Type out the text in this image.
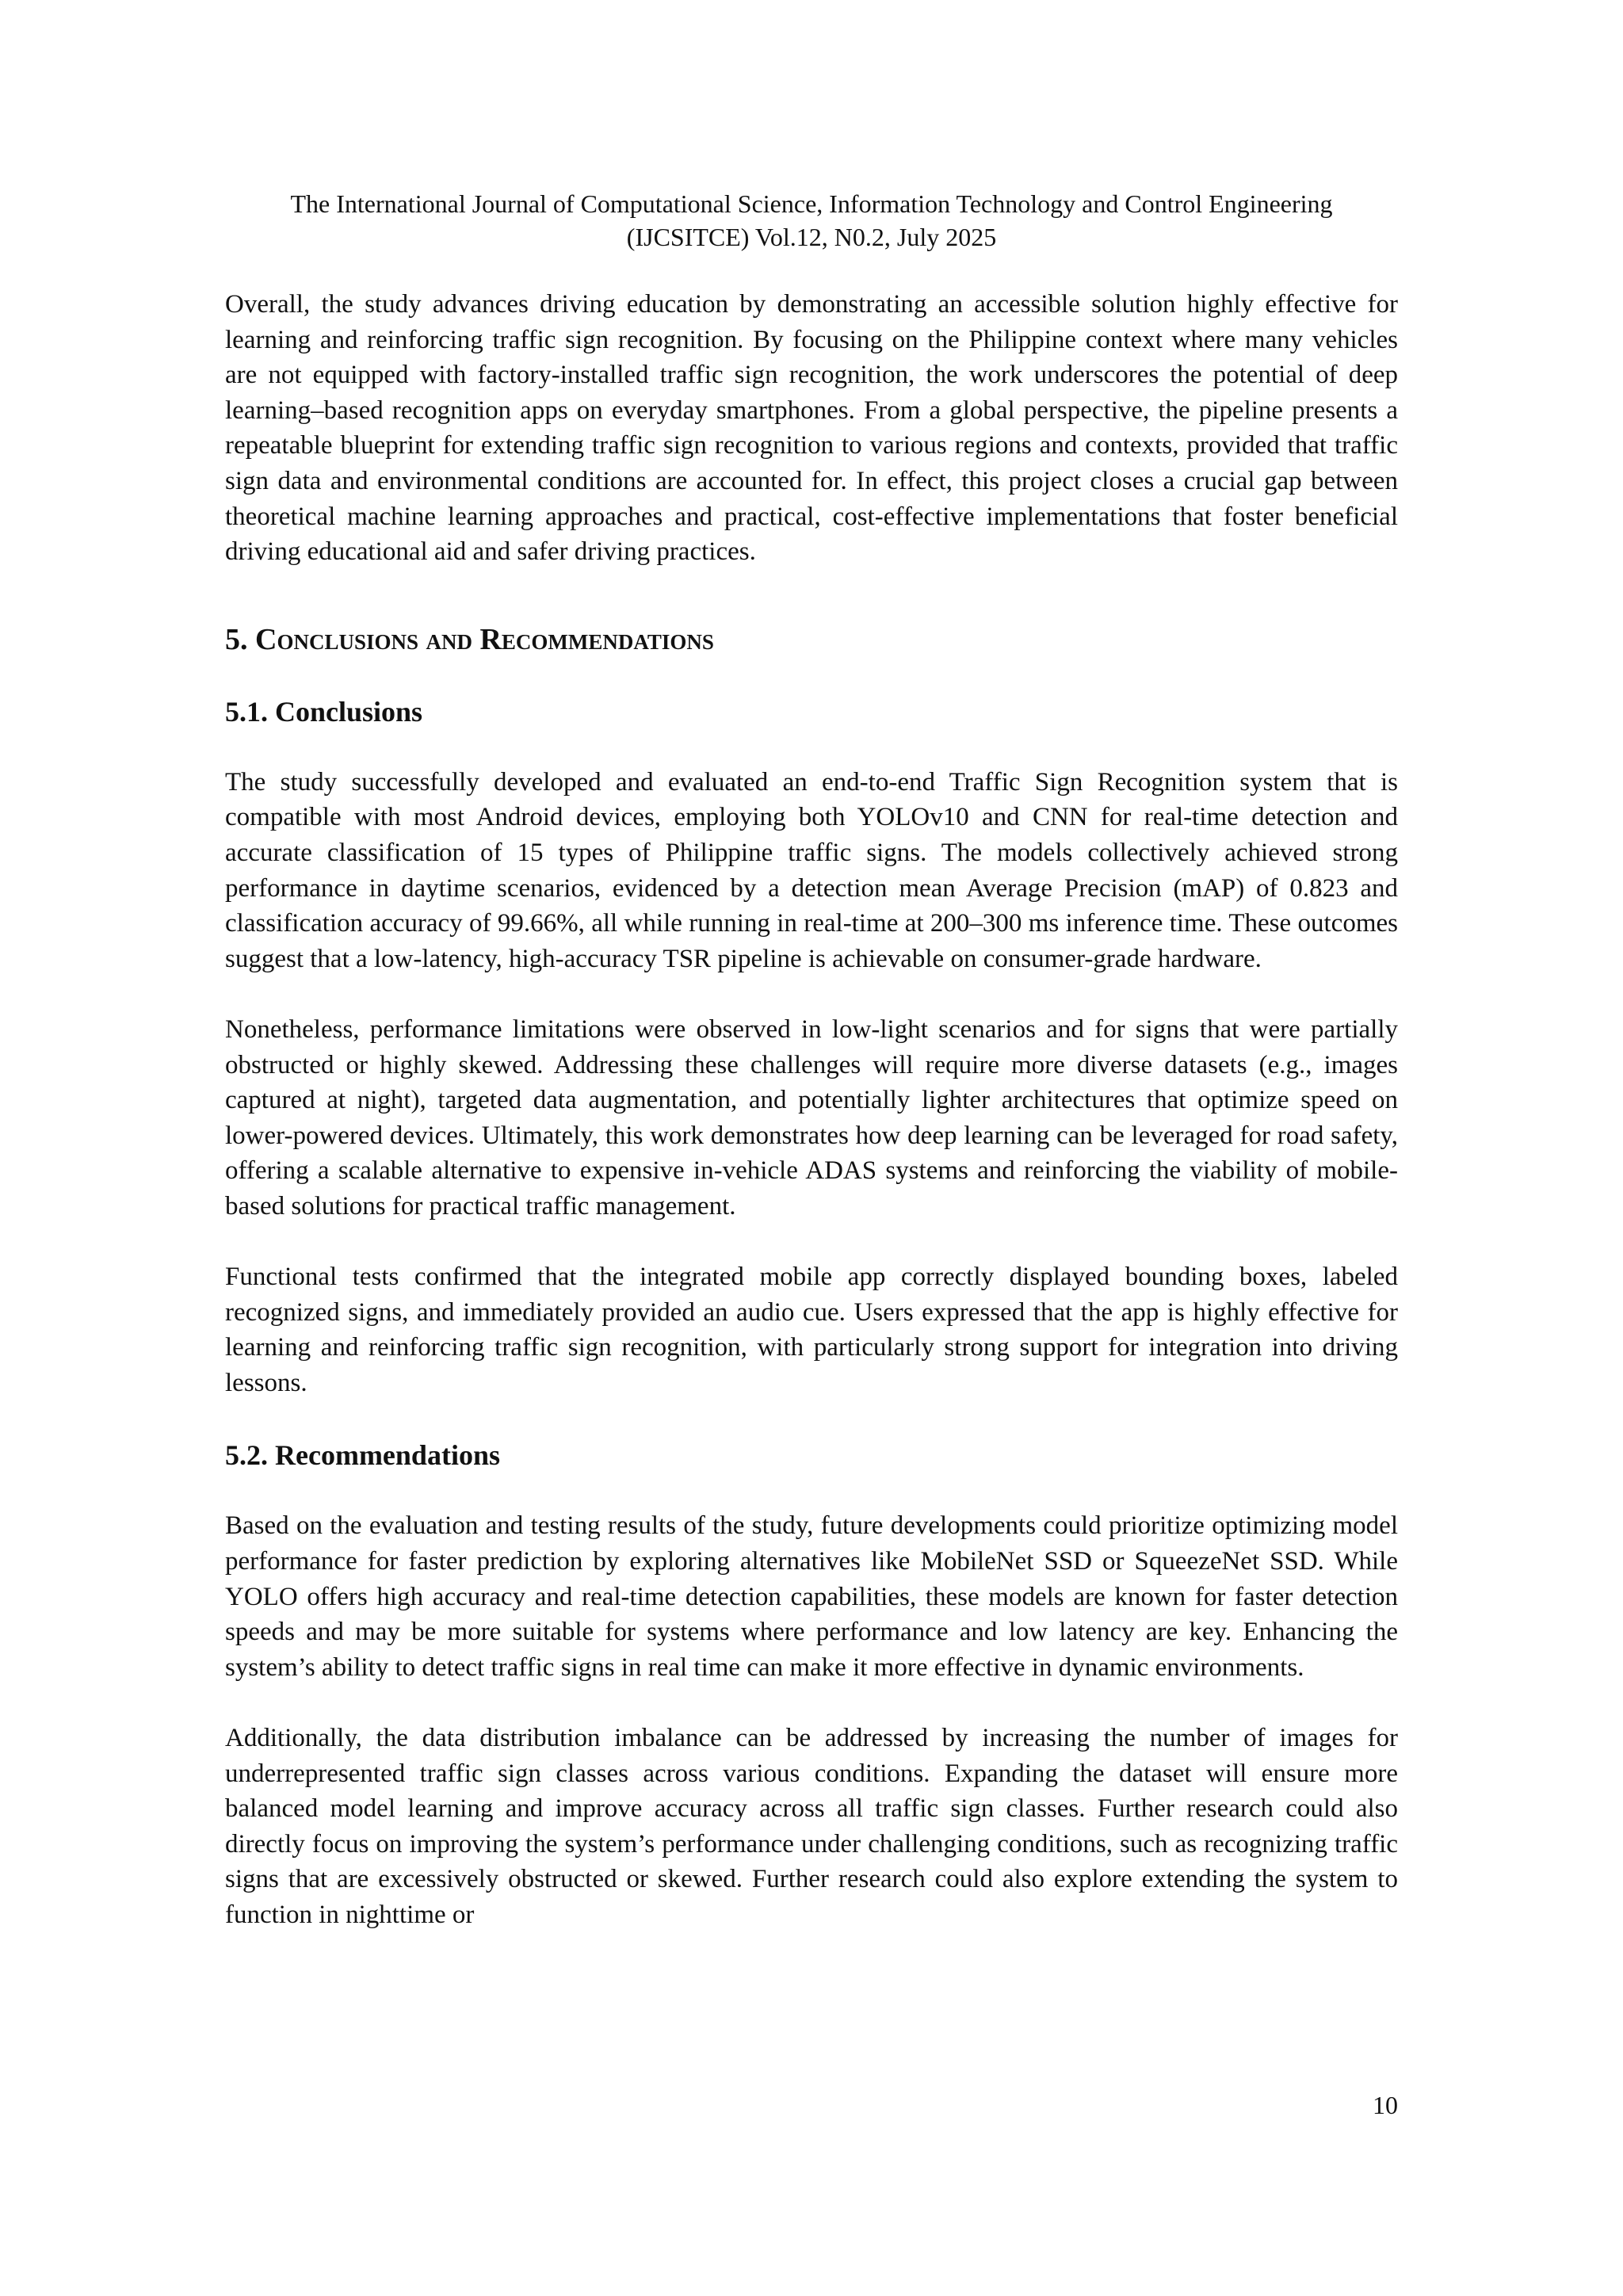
The International Journal of Computational Science, Information Technology and Control Engineering
(IJCSITCE) Vol.12, N0.2, July 2025

Overall, the study advances driving education by demonstrating an accessible solution highly effective for learning and reinforcing traffic sign recognition. By focusing on the Philippine context where many vehicles are not equipped with factory-installed traffic sign recognition, the work underscores the potential of deep learning–based recognition apps on everyday smartphones. From a global perspective, the pipeline presents a repeatable blueprint for extending traffic sign recognition to various regions and contexts, provided that traffic sign data and environmental conditions are accounted for. In effect, this project closes a crucial gap between theoretical machine learning approaches and practical, cost-effective implementations that foster beneficial driving educational aid and safer driving practices.

5. Conclusions and Recommendations
5.1. Conclusions

The study successfully developed and evaluated an end-to-end Traffic Sign Recognition system that is compatible with most Android devices, employing both YOLOv10 and CNN for real-time detection and accurate classification of 15 types of Philippine traffic signs. The models collectively achieved strong performance in daytime scenarios, evidenced by a detection mean Average Precision (mAP) of 0.823 and classification accuracy of 99.66%, all while running in real-time at 200–300 ms inference time. These outcomes suggest that a low-latency, high-accuracy TSR pipeline is achievable on consumer-grade hardware.

Nonetheless, performance limitations were observed in low-light scenarios and for signs that were partially obstructed or highly skewed. Addressing these challenges will require more diverse datasets (e.g., images captured at night), targeted data augmentation, and potentially lighter architectures that optimize speed on lower-powered devices. Ultimately, this work demonstrates how deep learning can be leveraged for road safety, offering a scalable alternative to expensive in-vehicle ADAS systems and reinforcing the viability of mobile-based solutions for practical traffic management.

Functional tests confirmed that the integrated mobile app correctly displayed bounding boxes, labeled recognized signs, and immediately provided an audio cue. Users expressed that the app is highly effective for learning and reinforcing traffic sign recognition, with particularly strong support for integration into driving lessons.

5.2. Recommendations

Based on the evaluation and testing results of the study, future developments could prioritize optimizing model performance for faster prediction by exploring alternatives like MobileNet SSD or SqueezeNet SSD. While YOLO offers high accuracy and real-time detection capabilities, these models are known for faster detection speeds and may be more suitable for systems where performance and low latency are key. Enhancing the system’s ability to detect traffic signs in real time can make it more effective in dynamic environments.

Additionally, the data distribution imbalance can be addressed by increasing the number of images for underrepresented traffic sign classes across various conditions. Expanding the dataset will ensure more balanced model learning and improve accuracy across all traffic sign classes. Further research could also directly focus on improving the system’s performance under challenging conditions, such as recognizing traffic signs that are excessively obstructed or skewed. Further research could also explore extending the system to function in nighttime or

10
